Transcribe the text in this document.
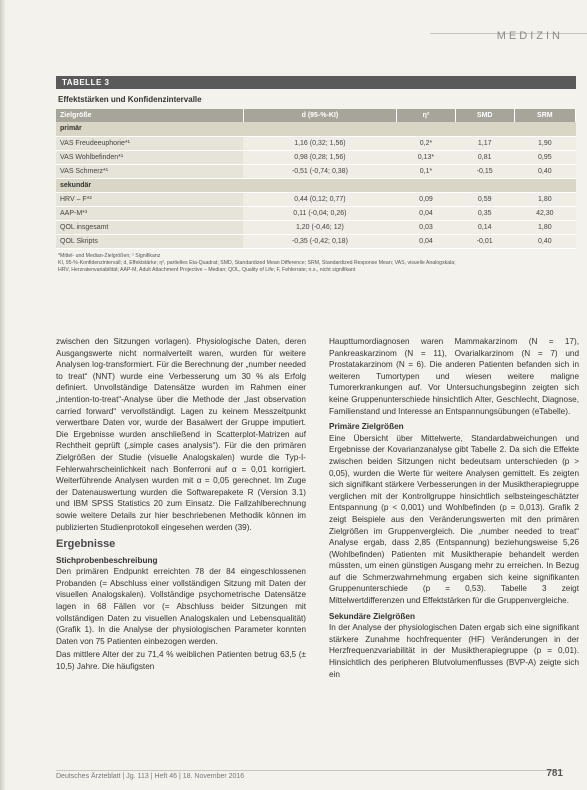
MEDIZIN
TABELLE 3
Effektstärken und Konfidenzintervalle
Zielgröße	d (95-%-KI)	η²	SMD	SRM
primär				
VAS Freudeeuphorie*¹	1,16 (0,32; 1,56)	0,2*	1,17	1,90
VAS Wohlbefinden*¹	0,98 (0,28; 1,56)	0,13*	0,81	0,95
VAS Schmerz*¹	-0,51 (-0,74; 0,38)	0,1*	-0,15	0,40
sekundär				
HRV – F*²	0,44 (0,12; 0,77)	0,09	0,59	1,80
AAP-M*³	0,11 (-0,04; 0,26)	0,04	0,35	42,30
QOL insgesamt	1,20 (-0,46; 12)	0,03	0,14	1,80
QOL Skripts	-0,35 (-0,42; 0,18)	0,04	-0,01	0,40
*Mittel- und Median-Zielgrößen; ¹ Signifikanz
KI, 95-%-Konfidenzintervall; d, Effektstärke; η², partielles Eta-Quadrat; SMD, Standardized Mean Difference; SRM, Standardized Response Mean; VAS, visuelle Analogskala;
HRV, Herzratenvariabilität; AAP-M, Adult Attachment Projective – Median; QOL, Quality of Life; F, Fehlerrate; n.s., nicht signifikant

zwischen den Sitzungen vorlagen). Physiologische Daten, deren Ausgangswerte nicht normalverteilt waren, wurden für weitere Analysen log-transformiert. Für die Berechnung der „number needed to treat“ (NNT) wurde eine Verbesserung um 30 % als Erfolg definiert. Unvollständige Datensätze wurden im Rahmen einer „intention-to-treat“-Analyse über die Methode der „last observation carried forward“ vervollständigt. Lagen zu keinem Messzeitpunkt verwertbare Daten vor, wurde der Basalwert der Gruppe imputiert. Die Ergebnisse wurden anschließend in Scatterplot-Matrizen auf Rechtheit geprüft („simple cases analysis“). Für die den primären Zielgrößen der Studie (visuelle Analogskalen) wurde die Typ-I-Fehlerwahrscheinlichkeit nach Bonferroni auf α = 0,01 korrigiert. Weiterführende Analysen wurden mit α = 0,05 gerechnet. Im Zuge der Datenauswertung wurden die Softwarepakete R (Version 3.1) und IBM SPSS Statistics 20 zum Einsatz. Die Fallzahlberechnung sowie weitere Details zur hier beschriebenen Methodik können im publizierten Studienprotokoll eingesehen werden (39).

Ergebnisse
Stichprobenbeschreibung

Den primären Endpunkt erreichten 78 der 84 eingeschlossenen Probanden (= Abschluss einer vollständigen Sitzung mit Daten der visuellen Analogskalen). Vollständige psychometrische Datensätze lagen in 68 Fällen vor (= Abschluss beider Sitzungen mit vollständigen Daten zu visuellen Analogskalen und Lebensqualität) (Grafik 1). In die Analyse der physiologischen Parameter konnten Daten von 75 Patienten einbezogen werden.

Das mittlere Alter der zu 71,4 % weiblichen Patienten betrug 63,5 (± 10,5) Jahre. Die häufigsten

Haupttumordiagnosen waren Mammakarzinom (N = 17), Pankreaskarzinom (N = 11), Ovarialkarzinom (N = 7) und Prostatakarzinom (N = 6). Die anderen Patienten befanden sich in weiteren Tumortypen und wiesen weitere maligne Tumorerkrankungen auf. Vor Untersuchungsbeginn zeigten sich keine Gruppenunterschiede hinsichtlich Alter, Geschlecht, Diagnose, Familienstand und Interesse an Entspannungsübungen (eTabelle).

Primäre Zielgrößen

Eine Übersicht über Mittelwerte, Standardabweichungen und Ergebnisse der Kovarianzanalyse gibt Tabelle 2. Da sich die Effekte zwischen beiden Sitzungen nicht bedeutsam unterschieden (p > 0,05), wurden die Werte für weitere Analysen gemittelt. Es zeigten sich signifikant stärkere Verbesserungen in der Musiktherapiegruppe verglichen mit der Kontrollgruppe hinsichtlich selbsteingeschätzter Entspannung (p < 0,001) und Wohlbefinden (p = 0,013). Grafik 2 zeigt Beispiele aus den Veränderungswerten mit den primären Zielgrößen im Gruppenvergleich. Die „number needed to treat“ Analyse ergab, dass 2,85 (Entspannung) beziehungsweise 5,26 (Wohlbefinden) Patienten mit Musiktherapie behandelt werden müssten, um einen günstigen Ausgang mehr zu erreichen. In Bezug auf die Schmerzwahrnehmung ergaben sich keine signifikanten Gruppenunterschiede (p = 0,53). Tabelle 3 zeigt Mittelwertdifferenzen und Effektstärken für die Gruppenvergleiche.

Sekundäre Zielgrößen

In der Analyse der physiologischen Daten ergab sich eine signifikant stärkere Zunahme hochfrequenter (HF) Veränderungen in der Herzfrequenzvariabilität in der Musiktherapiegruppe (p = 0,01). Hinsichtlich des peripheren Blutvolumenflusses (BVP-A) zeigte sich ein

Deutsches Ärzteblatt | Jg. 113 | Heft 46 | 18. November 2016	781
